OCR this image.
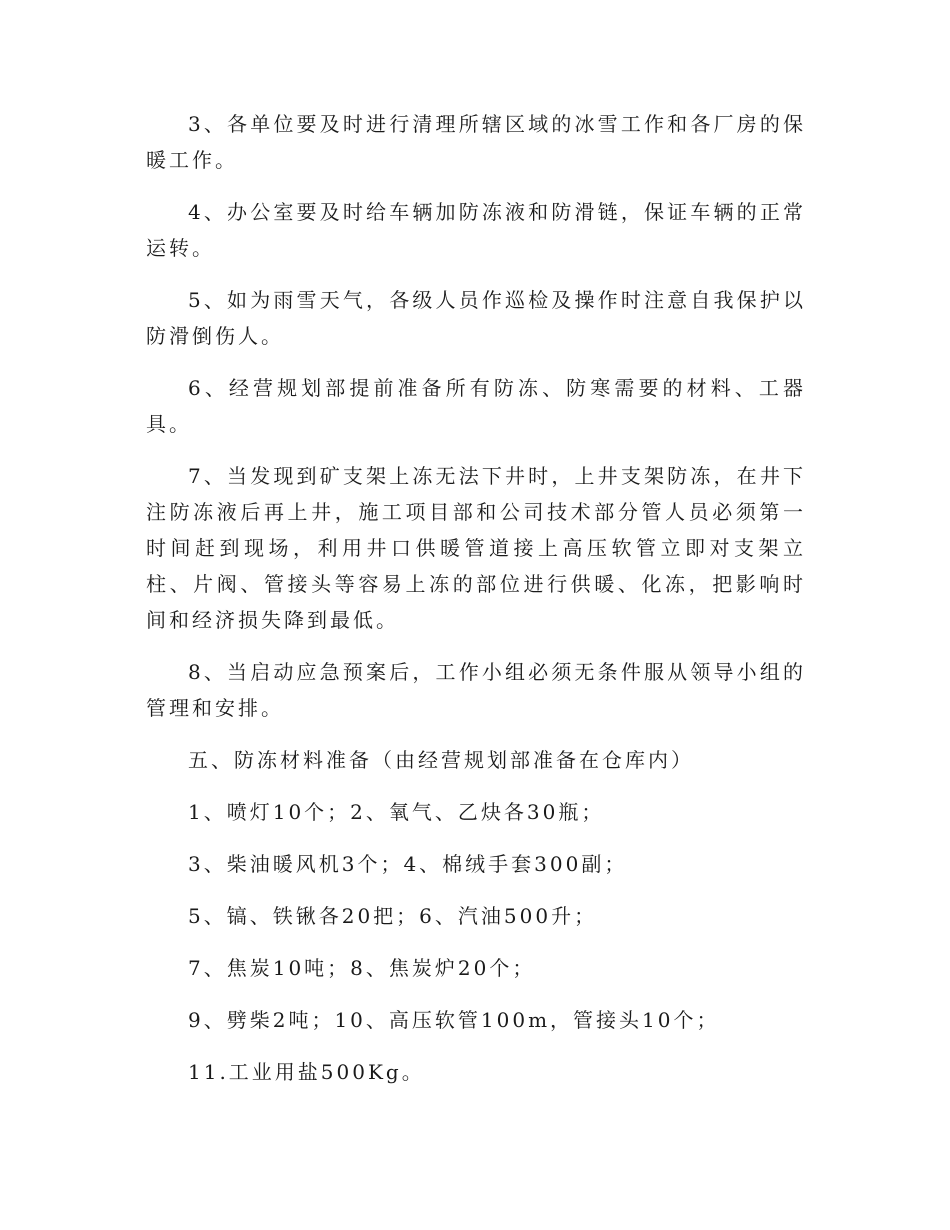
3、各单位要及时进行清理所辖区域的冰雪工作和各厂房的保暖工作。

4、办公室要及时给车辆加防冻液和防滑链，保证车辆的正常运转。

5、如为雨雪天气，各级人员作巡检及操作时注意自我保护以防滑倒伤人。

6、经营规划部提前准备所有防冻、防寒需要的材料、工器具。

7、当发现到矿支架上冻无法下井时，上井支架防冻，在井下注防冻液后再上井，施工项目部和公司技术部分管人员必须第一时间赶到现场，利用井口供暖管道接上高压软管立即对支架立柱、片阀、管接头等容易上冻的部位进行供暖、化冻，把影响时间和经济损失降到最低。

8、当启动应急预案后，工作小组必须无条件服从领导小组的管理和安排。

五、防冻材料准备（由经营规划部准备在仓库内）

1、喷灯10个；2、氧气、乙炔各30瓶；

3、柴油暖风机3个；4、棉绒手套300副；

5、镐、铁锹各20把；6、汽油500升；

7、焦炭10吨；8、焦炭炉20个；

9、劈柴2吨；10、高压软管100m，管接头10个；

11.工业用盐500Kg。
